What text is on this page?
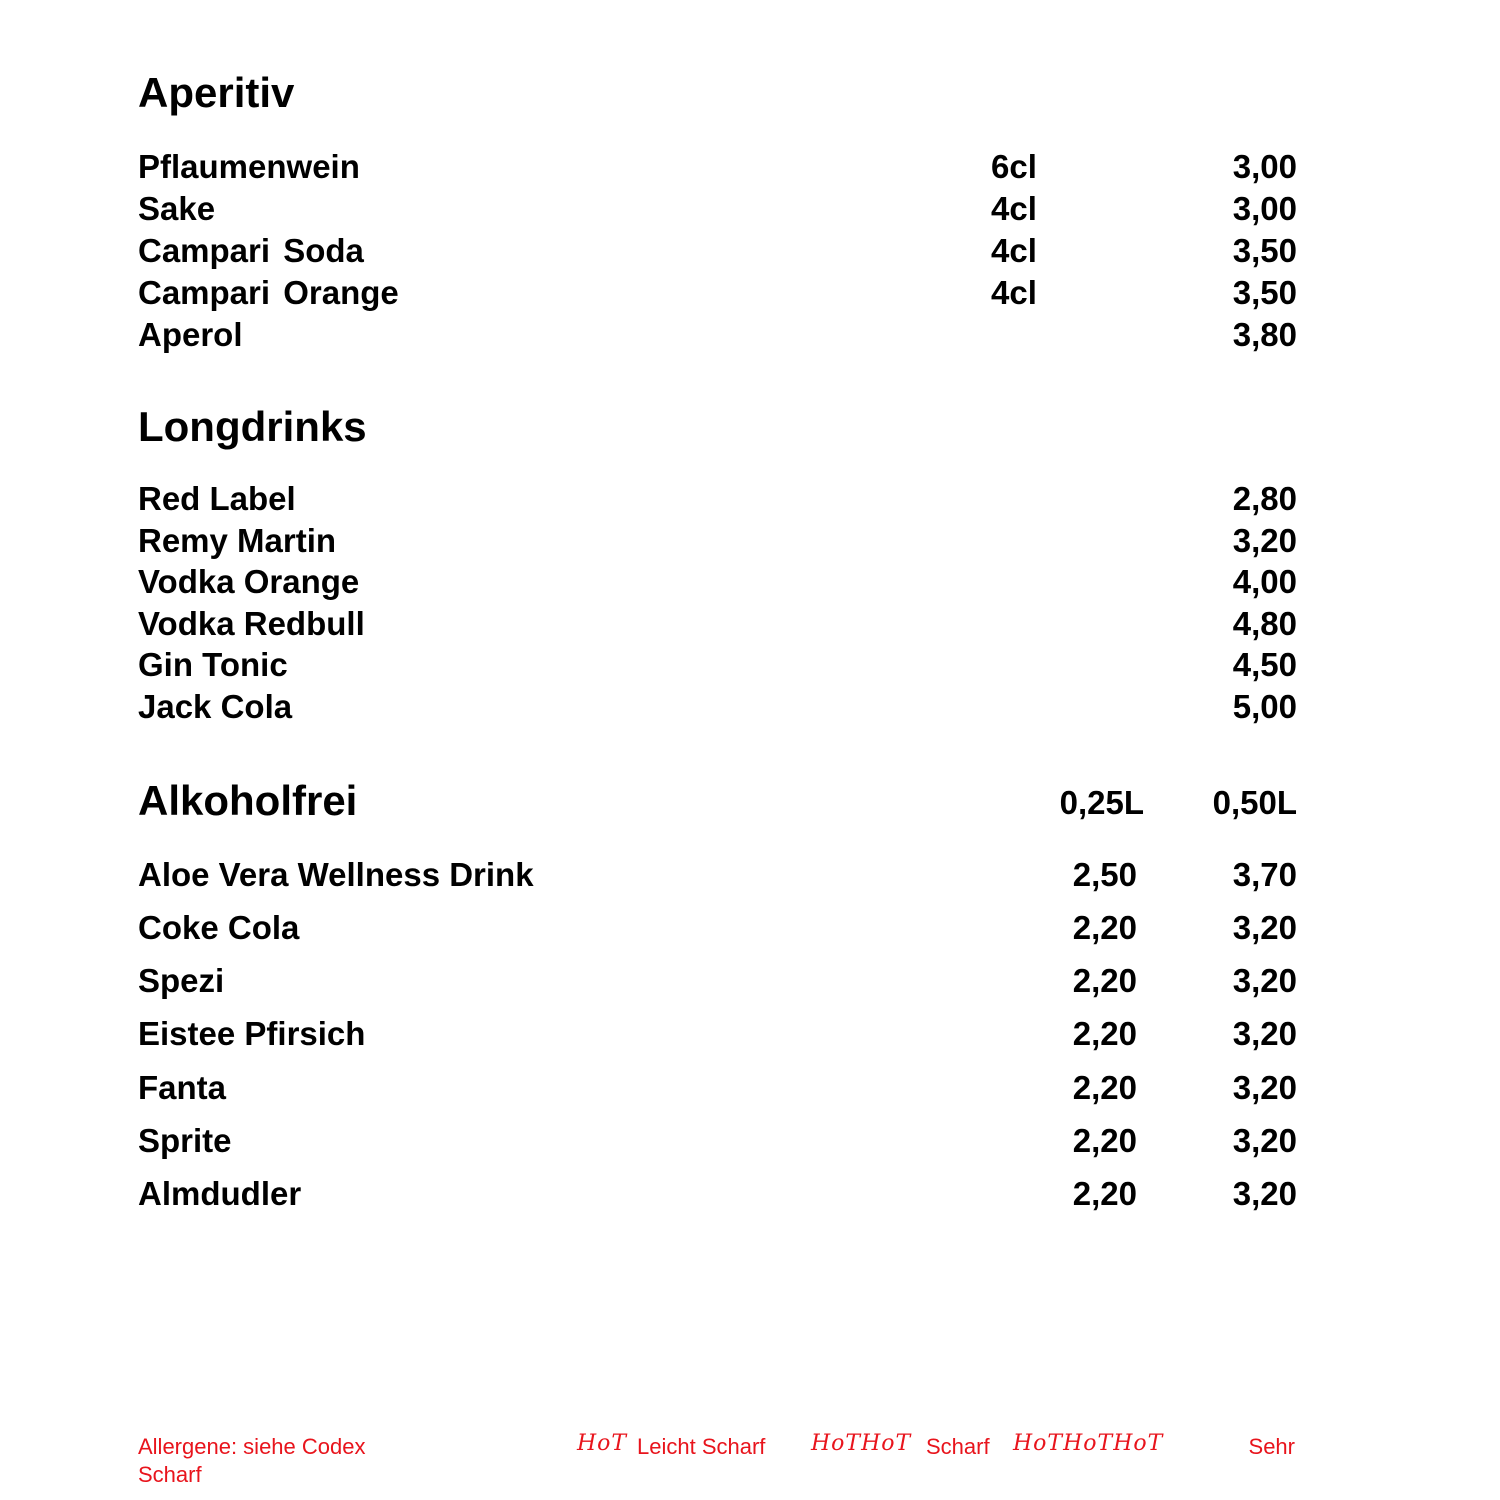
Aperitiv
Pflaumenwein	6cl	3,00
Sake	4cl	3,00
Campari Soda	4cl	3,50
Campari Orange	4cl	3,50
Aperol	3,80
Longdrinks
Red Label	2,80
Remy Martin	3,20
Vodka Orange	4,00
Vodka Redbull	4,80
Gin Tonic	4,50
Jack Cola	5,00
Alkoholfrei	0,25L 0,50L
Aloe Vera Wellness Drink	2,50	3,70
Coke Cola	2,20	3,20
Spezi	2,20	3,20
Eistee Pfirsich	2,20	3,20
Fanta	2,20	3,20
Sprite	2,20	3,20
Almdudler	2,20	3,20
Allergene: siehe Codex
Scharf
HoT Leicht Scharf HoTHoT Scharf HoTHoTHoT	Sehr
